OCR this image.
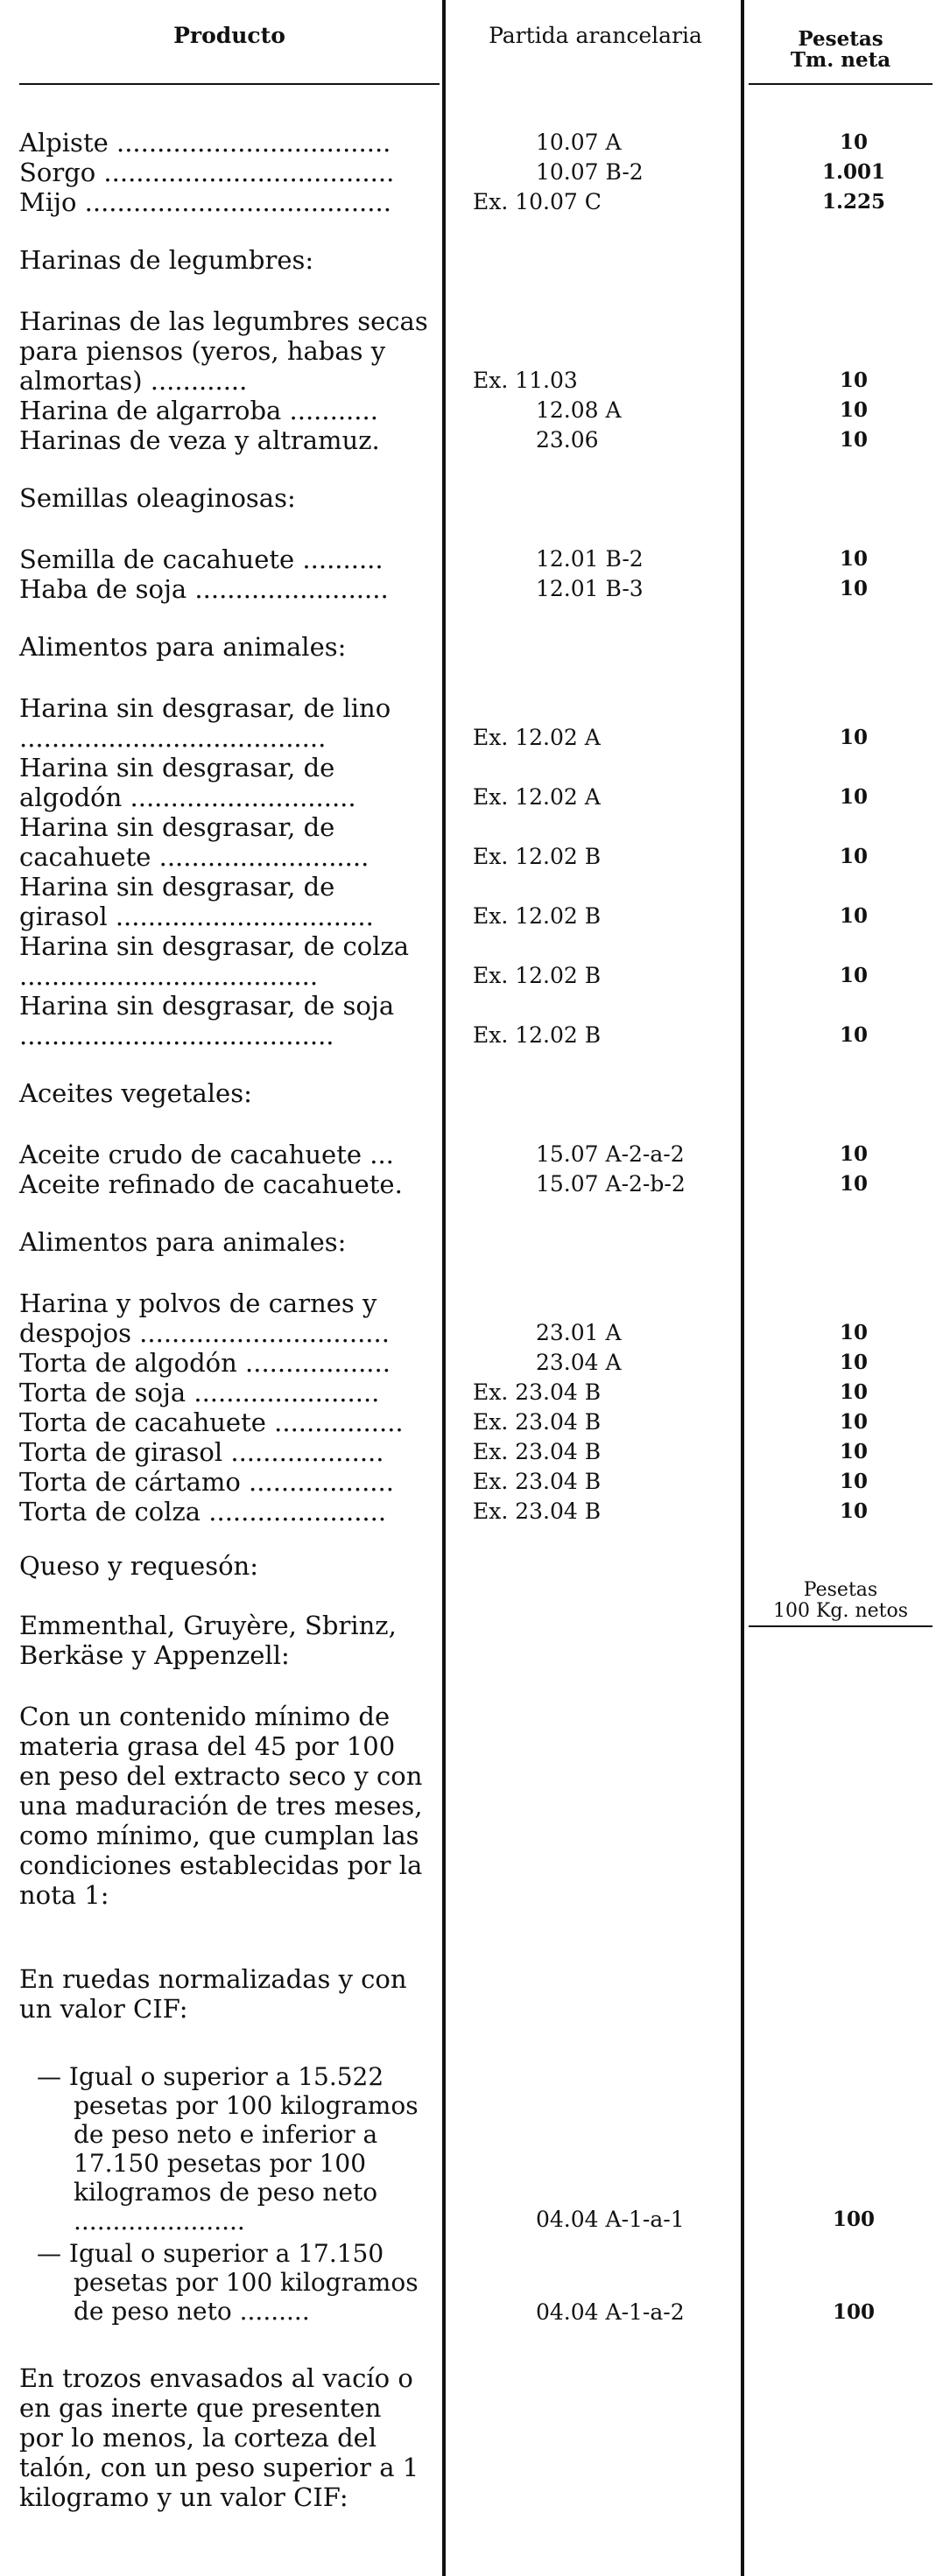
Producto	Partida arancelaria	Pesetas
Tm. neta
Pesetas
100 Kg. netos
Alpiste ..................................	10.07 A	10
Sorgo ....................................	10.07 B-2	1.001
Mijo ......................................	Ex. 10.07 C	1.225
Harinas de legumbres:
Harinas de las legumbres secas para piensos (yeros, habas y almortas) ............	Ex. 11.03	10
Harina de algarroba ...........	12.08 A	10
Harinas de veza y altramuz.	23.06	10
Semillas oleaginosas:
Semilla de cacahuete ..........	12.01 B-2	10
Haba de soja ........................	12.01 B-3	10
Alimentos para animales:
Harina sin desgrasar, de lino ......................................	Ex. 12.02 A	10
Harina sin desgrasar, de algodón ............................	Ex. 12.02 A	10
Harina sin desgrasar, de cacahuete ..........................	Ex. 12.02 B	10
Harina sin desgrasar, de girasol ................................	Ex. 12.02 B	10
Harina sin desgrasar, de colza .....................................	Ex. 12.02 B	10
Harina sin desgrasar, de soja .......................................	Ex. 12.02 B	10
Aceites vegetales:
Aceite crudo de cacahuete ...	15.07 A-2-a-2	10
Aceite refinado de cacahuete.	15.07 A-2-b-2	10
Alimentos para animales:
Harina y polvos de carnes y despojos ...............................	23.01 A	10
Torta de algodón ..................	23.04 A	10
Torta de soja .......................	Ex. 23.04 B	10
Torta de cacahuete ................	Ex. 23.04 B	10
Torta de girasol ...................	Ex. 23.04 B	10
Torta de cártamo ..................	Ex. 23.04 B	10
Torta de colza ......................	Ex. 23.04 B	10
Queso y requesón:
Emmenthal, Gruyère, Sbrinz, Berkäse y Appenzell:
Con un contenido mínimo de materia grasa del 45 por 100 en peso del extracto seco y con una maduración de tres meses, como mínimo, que cumplan las condiciones establecidas por la nota 1:
En ruedas normalizadas y con un valor CIF:
— Igual o superior a 15.522 pesetas por 100 kilogramos de peso neto e inferior a 17.150 pesetas por 100 kilogramos de peso neto ......................	04.04 A-1-a-1	100
— Igual o superior a 17.150 pesetas por 100 kilogramos de peso neto .........	04.04 A-1-a-2	100
En trozos envasados al vacío o en gas inerte que presenten por lo menos, la corteza del talón, con un peso superior a 1 kilogramo y un valor CIF:
